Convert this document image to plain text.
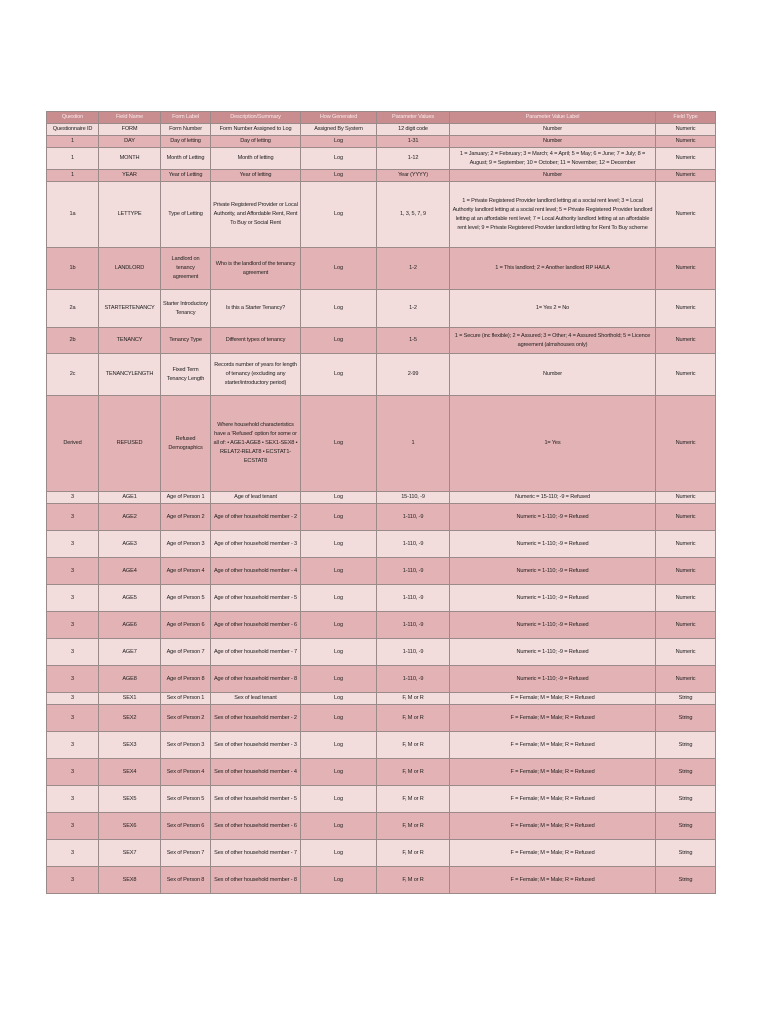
Question	Field Name	Form Label	Description/Summary	How Generated	Parameter Values	Parameter Value Label	Field Type
Questionnaire ID	FORM	Form Number	Form Number Assigned to Log	Assigned By System	12 digit code	Number	Numeric
1	DAY	Day of letting	Day of letting	Log	1-31	Number	Numeric
1	MONTH	Month of Letting	Month of letting	Log	1-12	1 = January; 2 = February; 3 = March; 4 = April; 5 = May; 6 = June; 7 = July; 8 = August; 9 = September; 10 = October; 11 = November; 12 = December	Numeric
1	YEAR	Year of Letting	Year of letting	Log	Year (YYYY)	Number	Numeric
1a	LETTYPE	Type of Letting	Private Registered Provider or Local Authority, and Affordable Rent, Rent To Buy or Social Rent	Log	1, 3, 5, 7, 9	1 = Private Registered Provider landlord letting at a social rent level; 3 = Local Authority landlord letting at a social rent level; 5 = Private Registered Provider landlord letting at an affordable rent level; 7 = Local Authority landlord letting at an affordable rent level; 9 = Private Registered Provider landlord letting for Rent To Buy scheme	Numeric
1b	LANDLORD	Landlord on tenancy agreement	Who is the landlord of the tenancy agreement	Log	1-2	1 = This landlord; 2 = Another landlord RP HA/LA	Numeric
2a	STARTERTENANCY	Starter Introductory Tenancy	Is this a Starter Tenancy?	Log	1-2	1= Yes 2 = No	Numeric
2b	TENANCY	Tenancy Type	Different types of tenancy	Log	1-5	1 = Secure (inc flexible); 2 = Assured; 3 = Other; 4 = Assured Shorthold; 5 = Licence agreement (almshouses only)	Numeric
2c	TENANCYLENGTH	Fixed Term Tenancy Length	Records number of years for length of tenancy (excluding any starter/introductory period)	Log	2-99	Number	Numeric
Derived	REFUSED	Refused Demographics	Where household characteristics have a 'Refused' option for some or all of: • AGE1-AGE8 • SEX1-SEX8 • RELAT2-RELAT8 • ECSTAT1-ECSTAT8	Log	1	1= Yes	Numeric
3	AGE1	Age of Person 1	Age of lead tenant	Log	15-110, -9	Numeric = 15-110; -9 = Refused	Numeric
3	AGE2	Age of Person 2	Age of other household member - 2	Log	1-110, -9	Numeric = 1-110; -9 = Refused	Numeric
3	AGE3	Age of Person 3	Age of other household member - 3	Log	1-110, -9	Numeric = 1-110; -9 = Refused	Numeric
3	AGE4	Age of Person 4	Age of other household member - 4	Log	1-110, -9	Numeric = 1-110; -9 = Refused	Numeric
3	AGE5	Age of Person 5	Age of other household member - 5	Log	1-110, -9	Numeric = 1-110; -9 = Refused	Numeric
3	AGE6	Age of Person 6	Age of other household member - 6	Log	1-110, -9	Numeric = 1-110; -9 = Refused	Numeric
3	AGE7	Age of Person 7	Age of other household member - 7	Log	1-110, -9	Numeric = 1-110; -9 = Refused	Numeric
3	AGE8	Age of Person 8	Age of other household member - 8	Log	1-110, -9	Numeric = 1-110; -9 = Refused	Numeric
3	SEX1	Sex of Person 1	Sex of lead tenant	Log	F, M or R	F = Female; M = Male; R = Refused	String
3	SEX2	Sex of Person 2	Sex of other household member - 2	Log	F, M or R	F = Female; M = Male; R = Refused	String
3	SEX3	Sex of Person 3	Sex of other household member - 3	Log	F, M or R	F = Female; M = Male; R = Refused	String
3	SEX4	Sex of Person 4	Sex of other household member - 4	Log	F, M or R	F = Female; M = Male; R = Refused	String
3	SEX5	Sex of Person 5	Sex of other household member - 5	Log	F, M or R	F = Female; M = Male; R = Refused	String
3	SEX6	Sex of Person 6	Sex of other household member - 6	Log	F, M or R	F = Female; M = Male; R = Refused	String
3	SEX7	Sex of Person 7	Sex of other household member - 7	Log	F, M or R	F = Female; M = Male; R = Refused	String
3	SEX8	Sex of Person 8	Sex of other household member - 8	Log	F, M or R	F = Female; M = Male; R = Refused	String
